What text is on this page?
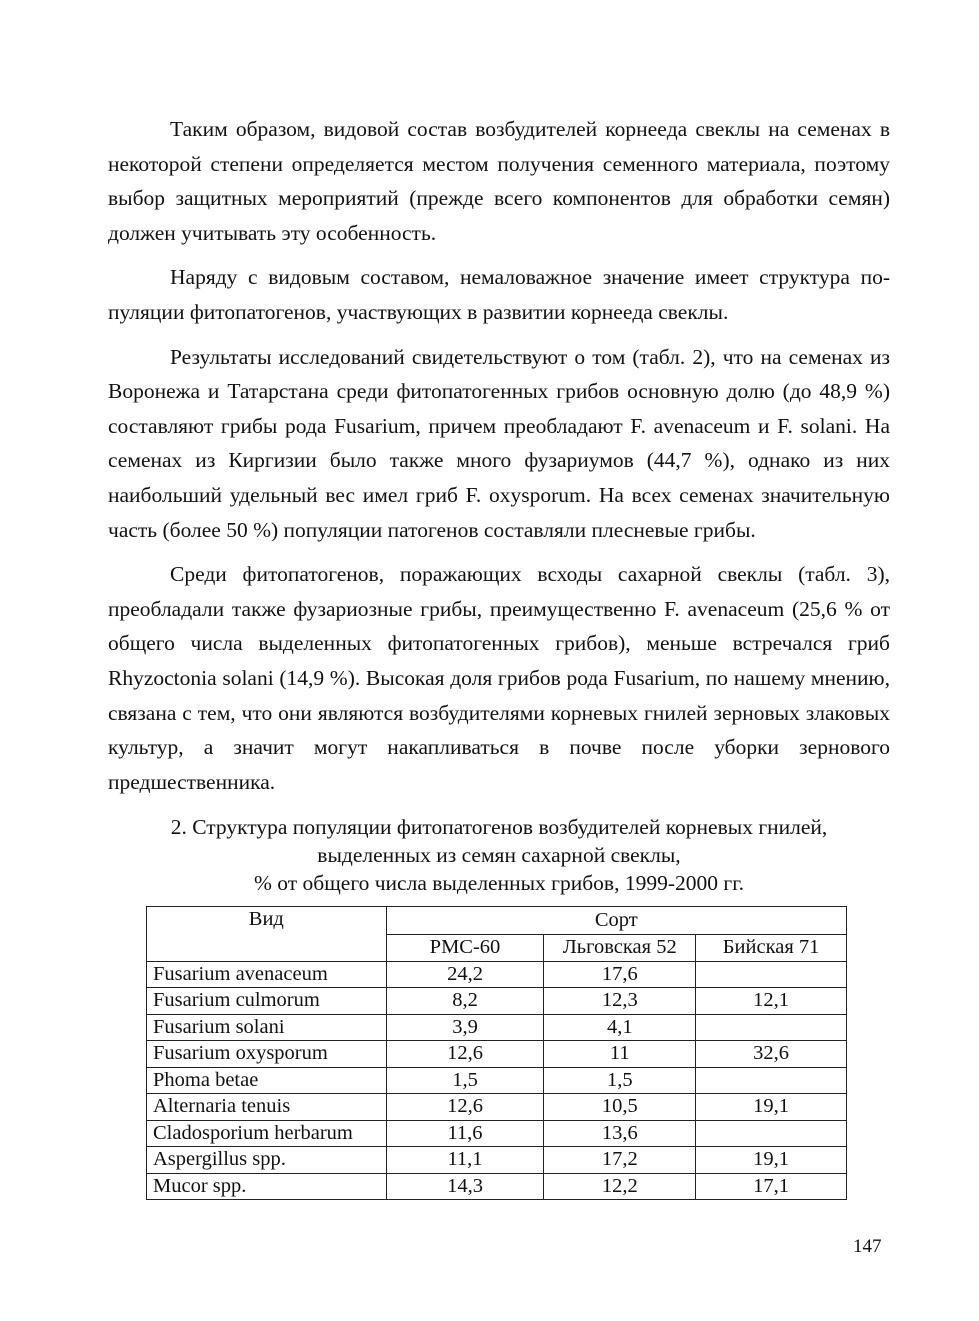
Таким образом, видовой состав возбудителей корнеeда свеклы на семенах в некоторой степени определяется местом получения семенного материала, поэтому выбор защитных мероприятий (прежде всего компонентов для обработки семян) должен учитывать эту особенность.

Наряду с видовым составом, немаловажное значение имеет структура популяции фитопатогенов, участвующих в развитии корнеeда свеклы.

Результаты исследований свидетельствуют о том (табл. 2), что на семенах из Воронежа и Татарстана среди фитопатогенных грибов основную долю (до 48,9 %) составляют грибы рода Fusarium, причем преобладают F. avenaceum и F. solani. На семенах из Киргизии было также много фузариумов (44,7 %), однако из них наибольший удельный вес имел гриб F. oxysporum. На всех семенах значительную часть (более 50 %) популяции патогенов составляли плесневые грибы.

Среди фитопатогенов, поражающих всходы сахарной свеклы (табл. 3), преобладали также фузариозные грибы, преимущественно F. avenaceum (25,6 % от общего числа выделенных фитопатогенных грибов), меньше встречался гриб Rhyzoctonia solani (14,9 %). Высокая доля грибов рода Fusarium, по нашему мнению, связана с тем, что они являются возбудителями корневых гнилей зерновых злаковых культур, а значит могут накапливаться в почве после уборки зернового предшественника.

2. Структура популяции фитопатогенов возбудителей корневых гнилей,
выделенных из семян сахарной свеклы,
% от общего числа выделенных грибов, 1999-2000 гг.
Вид	Сорт		
	РМС-60	Льговская 52	Бийская 71
Fusarium avenaceum	24,2	17,6	
Fusarium culmorum	8,2	12,3	12,1
Fusarium solani	3,9	4,1	
Fusarium oxysporum	12,6	11	32,6
Phoma betae	1,5	1,5	
Alternaria tenuis	12,6	10,5	19,1
Cladosporium herbarum	11,6	13,6	
Aspergillus spp.	11,1	17,2	19,1
Mucor spp.	14,3	12,2	17,1
147
